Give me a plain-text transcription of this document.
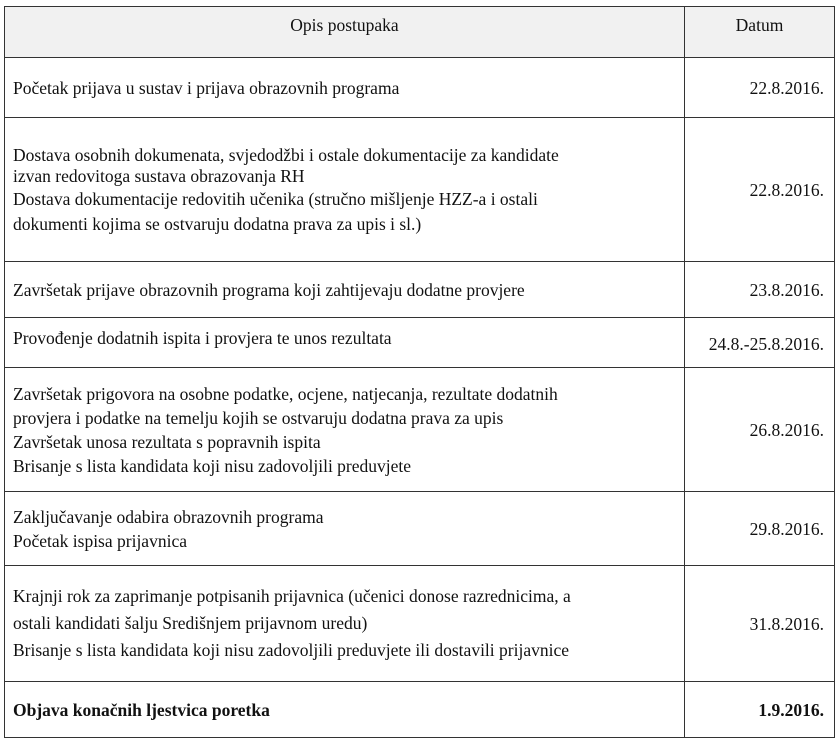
Opis postupaka	Datum

Početak prijava u sustav i prijava obrazovnih programa	22.8.2016.

Dostava osobnih dokumenata, svjedodžbi i ostale dokumentacije za kandidate
izvan redovitoga sustava obrazovanja RH
Dostava dokumentacije redovitih učenika (stručno mišljenje HZZ-a i ostali
dokumenti kojima se ostvaruju dodatna prava za upis i sl.)	22.8.2016.

Završetak prijave obrazovnih programa koji zahtijevaju dodatne provjere	23.8.2016.

Provođenje dodatnih ispita i provjera te unos rezultata	24.8.-25.8.2016.

Završetak prigovora na osobne podatke, ocjene, natjecanja, rezultate dodatnih
provjera i podatke na temelju kojih se ostvaruju dodatna prava za upis
Završetak unosa rezultata s popravnih ispita
Brisanje s lista kandidata koji nisu zadovoljili preduvjete	26.8.2016.

Zaključavanje odabira obrazovnih programa
Početak ispisa prijavnica	29.8.2016.

Krajnji rok za zaprimanje potpisanih prijavnica (učenici donose razrednicima, a
ostali kandidati šalju Središnjem prijavnom uredu)
Brisanje s lista kandidata koji nisu zadovoljili preduvjete ili dostavili prijavnice	31.8.2016.

Objava konačnih ljestvica poretka	1.9.2016.
